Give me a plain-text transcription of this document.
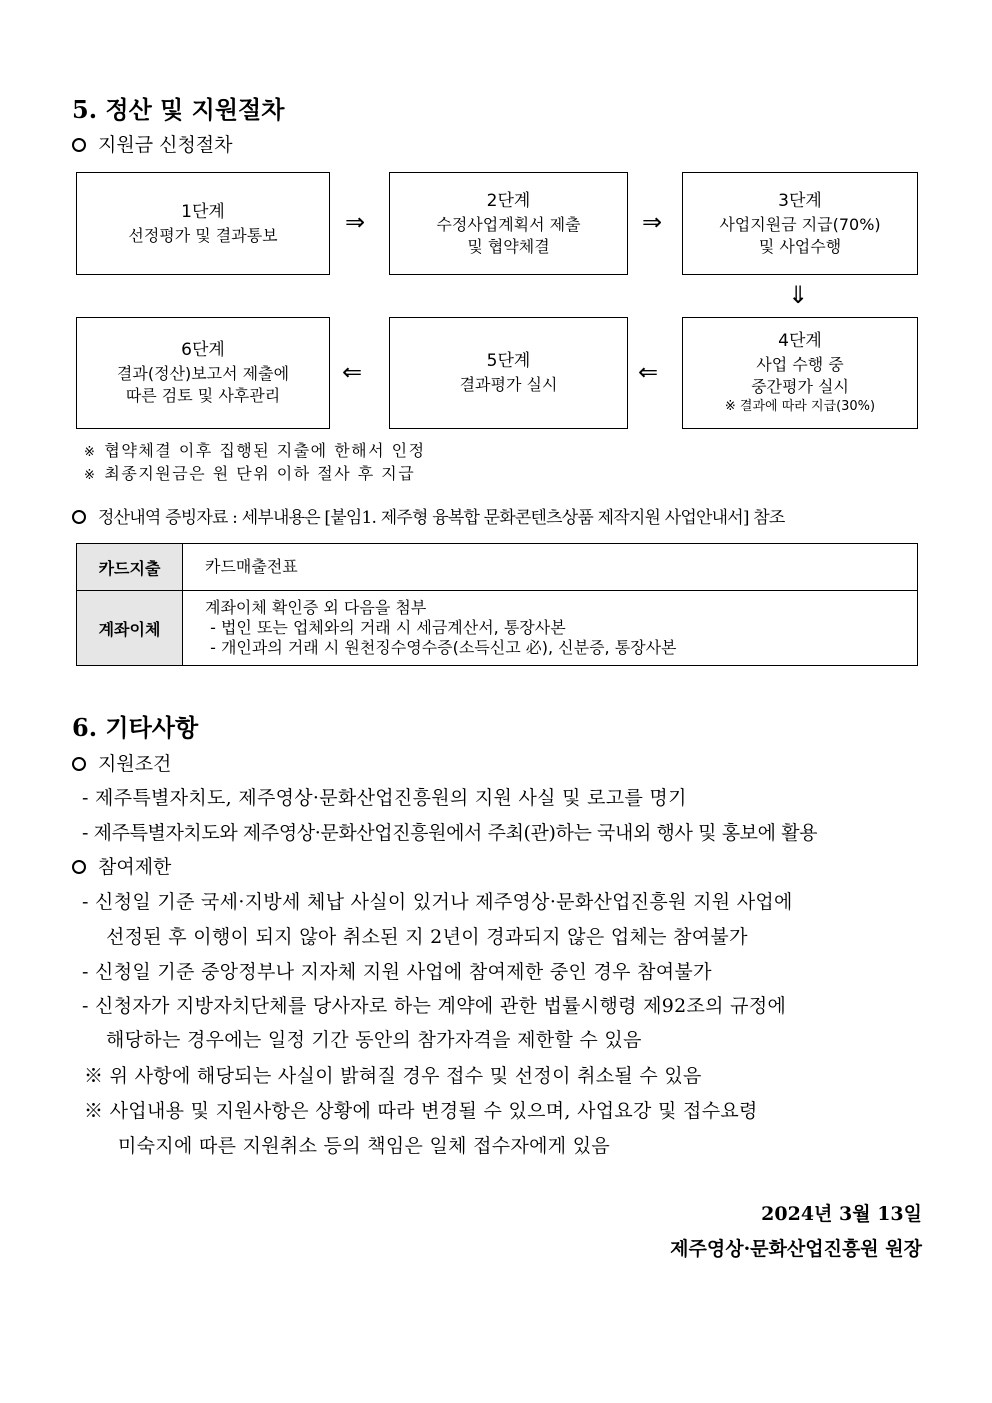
5. 정산 및 지원절차
지원금 신청절차
1단계
선정평가 및 결과통보	⇒
2단계
수정사업계획서 제출
및 협약체결
⇒
3단계
사업지원금 지급(70%)
및 사업수행
⇓
6단계
결과(정산)보고서 제출에
따른 검토 및 사후관리
⇐	5단계
결과평가 실시	⇐
4단계
사업 수행 중
중간평가 실시
※ 결과에 따라 지급(30%)
※ 협약체결 이후 집행된 지출에 한해서 인정
※ 최종지원금은 원 단위 이하 절사 후 지급
정산내역 증빙자료 : 세부내용은 [붙임1. 제주형 융복합 문화콘텐츠상품 제작지원 사업안내서] 참조
카드지출	카드매출전표
계좌이체	계좌이체 확인증 외 다음을 첨부
- 법인 또는 업체와의 거래 시 세금계산서, 통장사본
- 개인과의 거래 시 원천징수영수증(소득신고 必), 신분증, 통장사본
6. 기타사항
지원조건
- 제주특별자치도, 제주영상·문화산업진흥원의 지원 사실 및 로고를 명기
- 제주특별자치도와 제주영상·문화산업진흥원에서 주최(관)하는 국내외 행사 및 홍보에 활용
참여제한
- 신청일 기준 국세·지방세 체납 사실이 있거나 제주영상·문화산업진흥원 지원 사업에
선정된 후 이행이 되지 않아 취소된 지 2년이 경과되지 않은 업체는 참여불가
- 신청일 기준 중앙정부나 지자체 지원 사업에 참여제한 중인 경우 참여불가
- 신청자가 지방자치단체를 당사자로 하는 계약에 관한 법률시행령 제92조의 규정에
해당하는 경우에는 일정 기간 동안의 참가자격을 제한할 수 있음
※ 위 사항에 해당되는 사실이 밝혀질 경우 접수 및 선정이 취소될 수 있음
※ 사업내용 및 지원사항은 상황에 따라 변경될 수 있으며, 사업요강 및 접수요령
미숙지에 따른 지원취소 등의 책임은 일체 접수자에게 있음
2024년 3월 13일
제주영상·문화산업진흥원 원장
